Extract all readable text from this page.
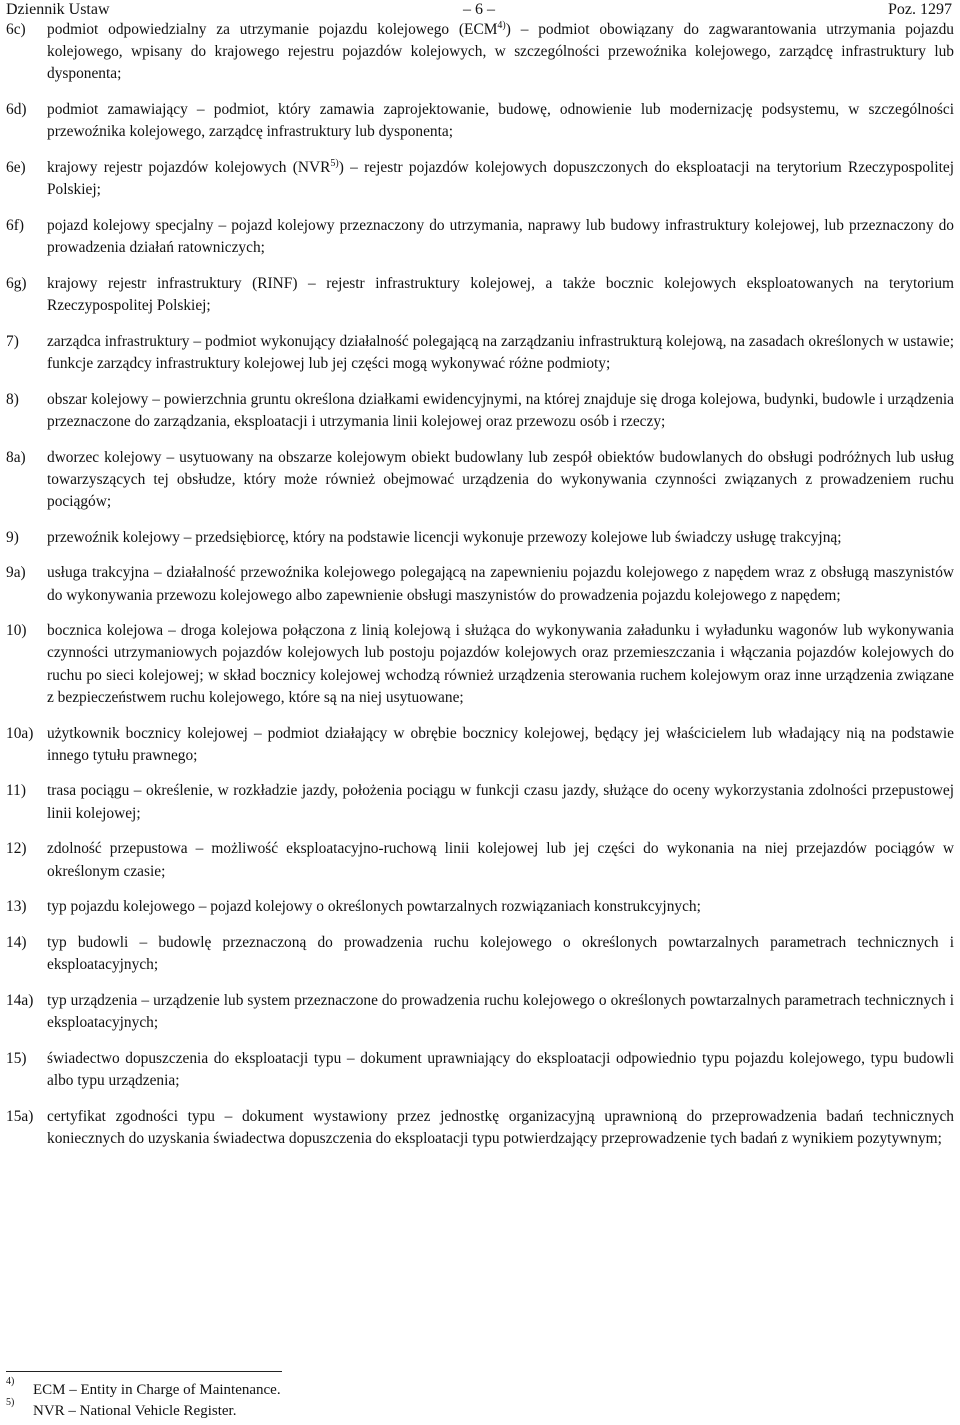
Dziennik Ustaw	– 6 –	Poz. 1297
6c) podmiot odpowiedzialny za utrzymanie pojazdu kolejowego (ECM$^{4)}$) – podmiot obowiązany do zagwarantowania utrzymania pojazdu kolejowego, wpisany do krajowego rejestru pojazdów kolejowych, w szczególności przewoźnika kolejowego, zarządcę infrastruktury lub dysponenta;
6d) podmiot zamawiający – podmiot, który zamawia zaprojektowanie, budowę, odnowienie lub modernizację podsystemu, w szczególności przewoźnika kolejowego, zarządcę infrastruktury lub dysponenta;
6e) krajowy rejestr pojazdów kolejowych (NVR$^{5)}$) – rejestr pojazdów kolejowych dopuszczonych do eksploatacji na terytorium Rzeczypospolitej Polskiej;
6f) pojazd kolejowy specjalny – pojazd kolejowy przeznaczony do utrzymania, naprawy lub budowy infrastruktury kolejowej, lub przeznaczony do prowadzenia działań ratowniczych;
6g) krajowy rejestr infrastruktury (RINF) – rejestr infrastruktury kolejowej, a także bocznic kolejowych eksploatowanych na terytorium Rzeczypospolitej Polskiej;
7) zarządca infrastruktury – podmiot wykonujący działalność polegającą na zarządzaniu infrastrukturą kolejową, na zasadach określonych w ustawie; funkcje zarządcy infrastruktury kolejowej lub jej części mogą wykonywać różne podmioty;
8) obszar kolejowy – powierzchnia gruntu określona działkami ewidencyjnymi, na której znajduje się droga kolejowa, budynki, budowle i urządzenia przeznaczone do zarządzania, eksploatacji i utrzymania linii kolejowej oraz przewozu osób i rzeczy;
8a) dworzec kolejowy – usytuowany na obszarze kolejowym obiekt budowlany lub zespół obiektów budowlanych do obsługi podróżnych lub usług towarzyszących tej obsłudze, który może również obejmować urządzenia do wykonywania czynności związanych z prowadzeniem ruchu pociągów;
9) przewoźnik kolejowy – przedsiębiorcę, który na podstawie licencji wykonuje przewozy kolejowe lub świadczy usługę trakcyjną;
9a) usługa trakcyjna – działalność przewoźnika kolejowego polegającą na zapewnieniu pojazdu kolejowego z napędem wraz z obsługą maszynistów do wykonywania przewozu kolejowego albo zapewnienie obsługi maszynistów do prowadzenia pojazdu kolejowego z napędem;
10) bocznica kolejowa – droga kolejowa połączona z linią kolejową i służąca do wykonywania załadunku i wyładunku wagonów lub wykonywania czynności utrzymaniowych pojazdów kolejowych lub postoju pojazdów kolejowych oraz przemieszczania i włączania pojazdów kolejowych do ruchu po sieci kolejowej; w skład bocznicy kolejowej wchodzą również urządzenia sterowania ruchem kolejowym oraz inne urządzenia związane z bezpieczeństwem ruchu kolejowego, które są na niej usytuowane;
10a) użytkownik bocznicy kolejowej – podmiot działający w obrębie bocznicy kolejowej, będący jej właścicielem lub władający nią na podstawie innego tytułu prawnego;
11) trasa pociągu – określenie, w rozkładzie jazdy, położenia pociągu w funkcji czasu jazdy, służące do oceny wykorzystania zdolności przepustowej linii kolejowej;
12) zdolność przepustowa – możliwość eksploatacyjno-ruchową linii kolejowej lub jej części do wykonania na niej przejazdów pociągów w określonym czasie;
13) typ pojazdu kolejowego – pojazd kolejowy o określonych powtarzalnych rozwiązaniach konstrukcyjnych;
14) typ budowli – budowlę przeznaczoną do prowadzenia ruchu kolejowego o określonych powtarzalnych parametrach technicznych i eksploatacyjnych;
14a) typ urządzenia – urządzenie lub system przeznaczone do prowadzenia ruchu kolejowego o określonych powtarzalnych parametrach technicznych i eksploatacyjnych;
15) świadectwo dopuszczenia do eksploatacji typu – dokument uprawniający do eksploatacji odpowiednio typu pojazdu kolejowego, typu budowli albo typu urządzenia;
15a) certyfikat zgodności typu – dokument wystawiony przez jednostkę organizacyjną uprawnioną do przeprowadzenia badań technicznych koniecznych do uzyskania świadectwa dopuszczenia do eksploatacji typu potwierdzający przeprowadzenie tych badań z wynikiem pozytywnym;
4)
ECM – Entity in Charge of Maintenance.
5)
NVR – National Vehicle Register.
